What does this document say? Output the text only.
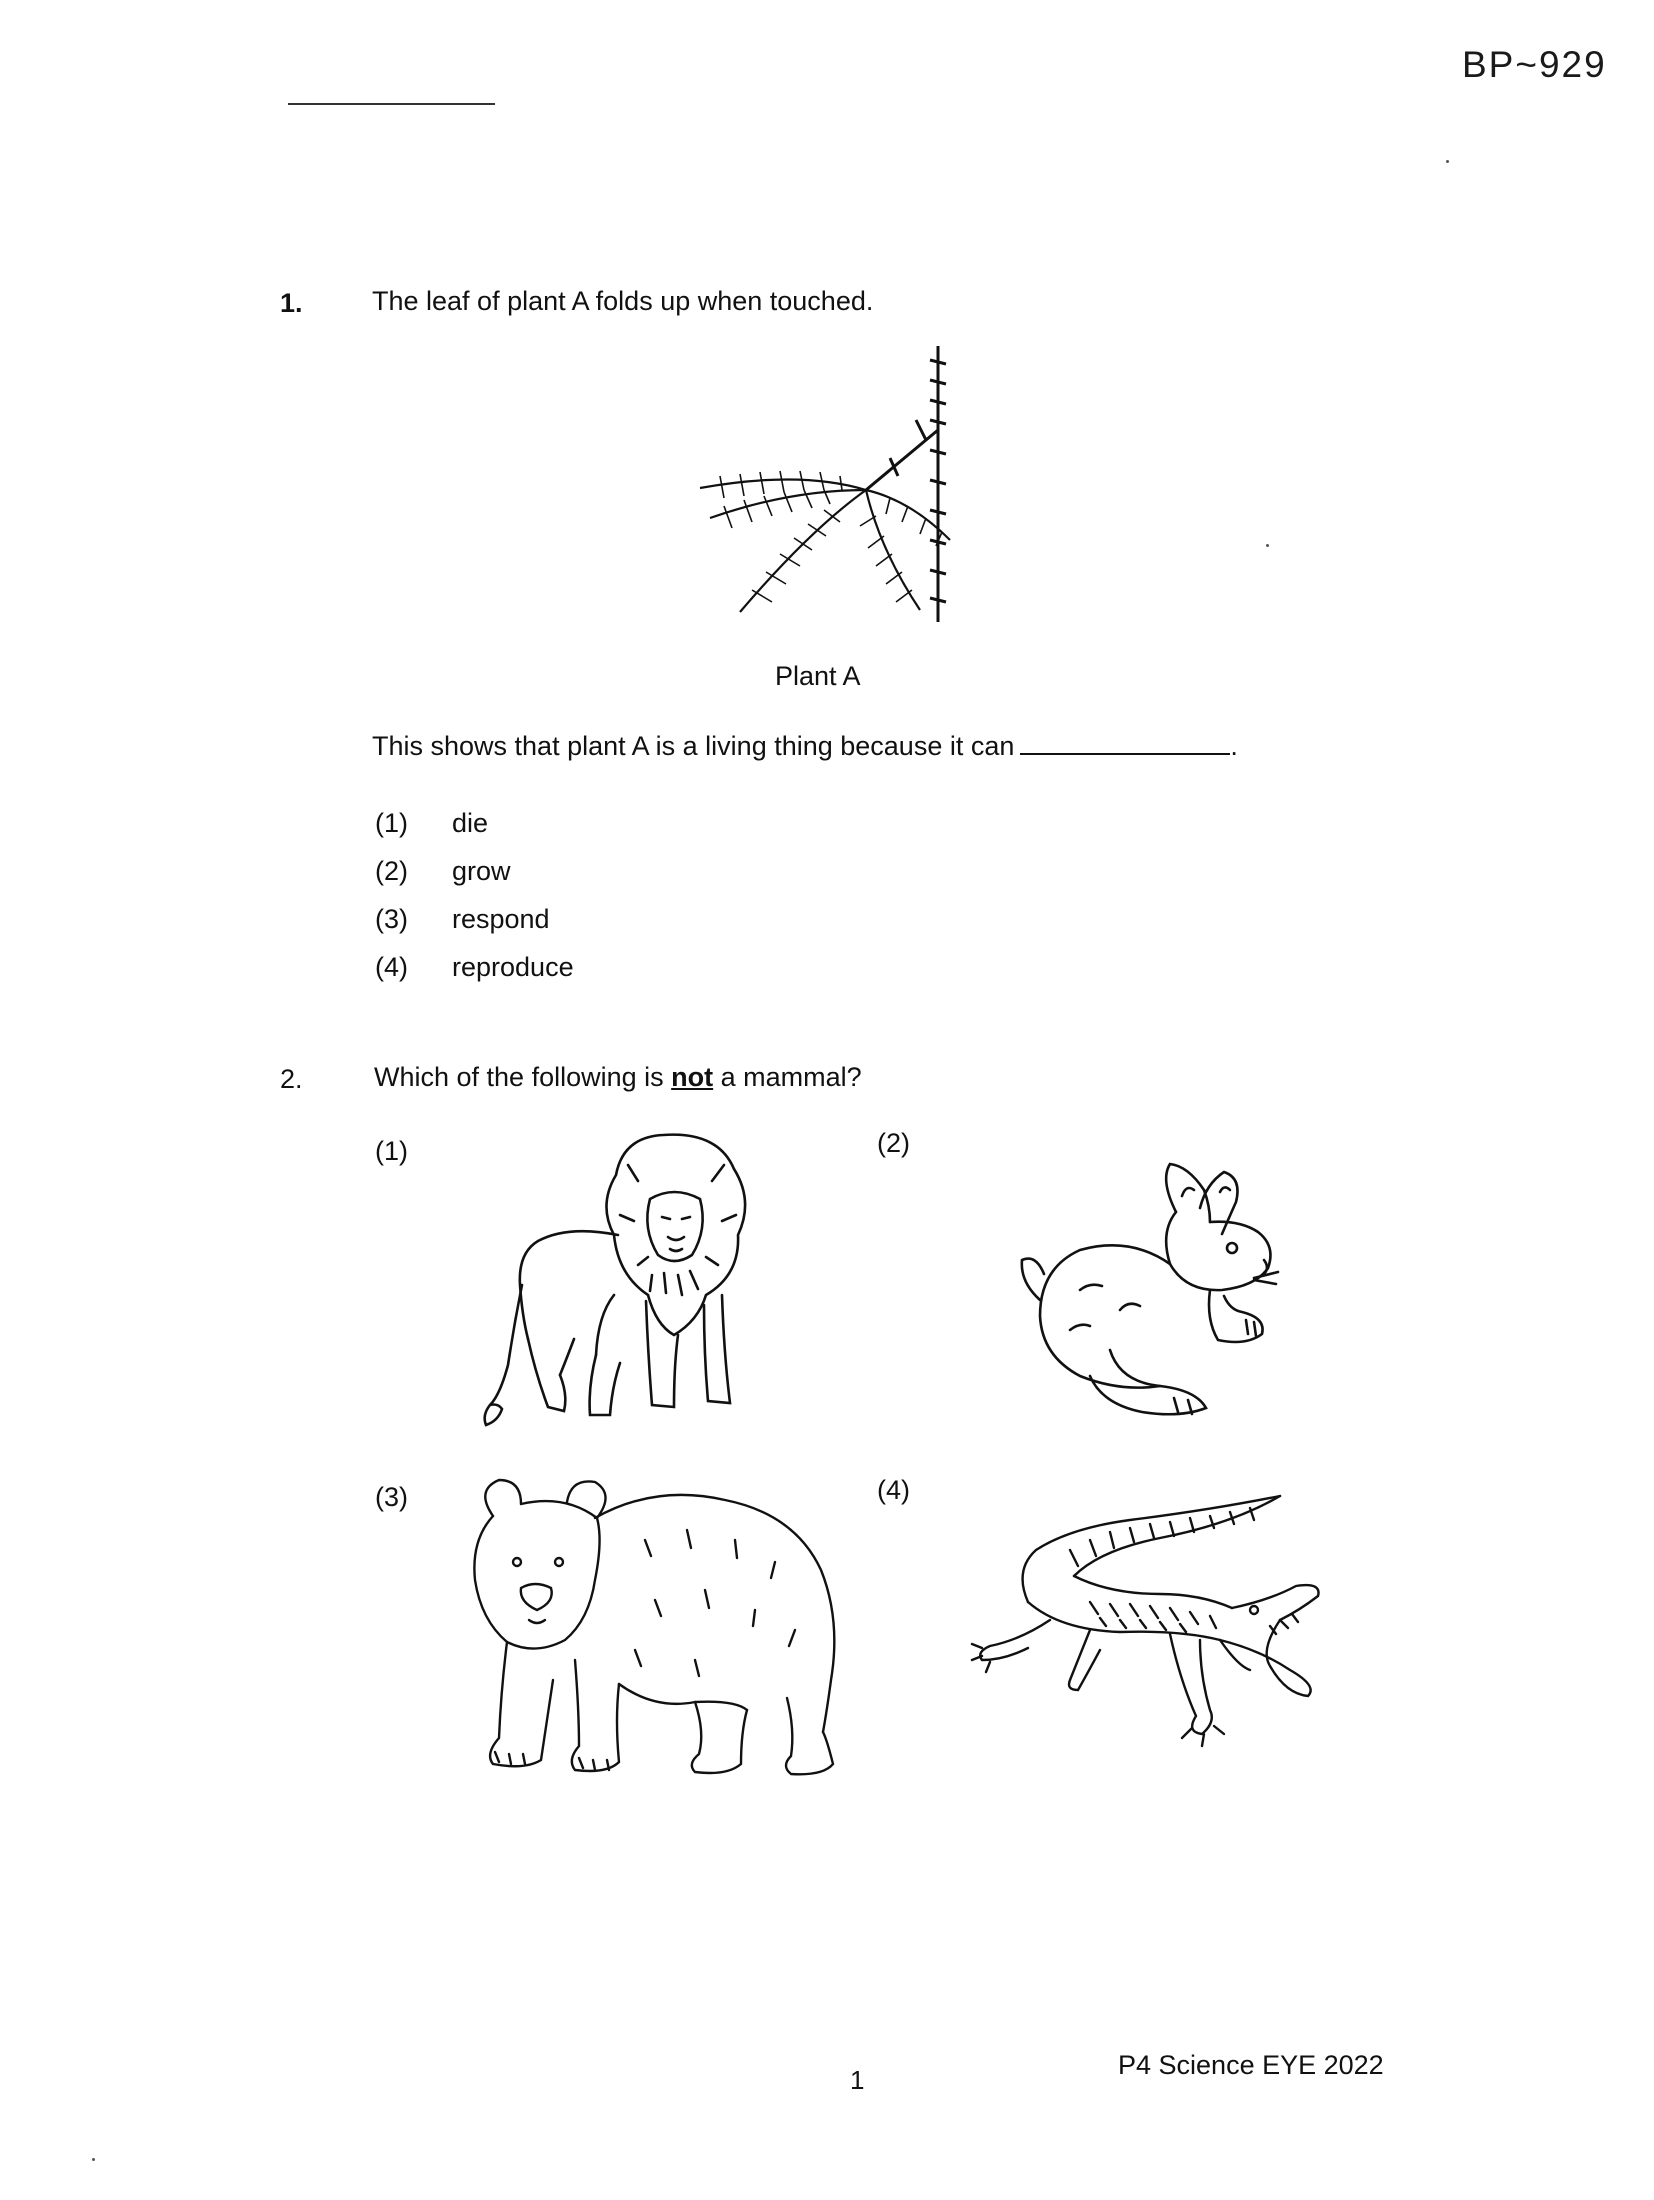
BP~929
1.	The leaf of plant A folds up when touched.
Plant A
This shows that plant A is a living thing because it can	.
(1) die
(2) grow
(3) respond
(4) reproduce
2.	Which of the following is not a mammal?
(1)	(2)
(3)	(4)
1	P4 Science EYE 2022
